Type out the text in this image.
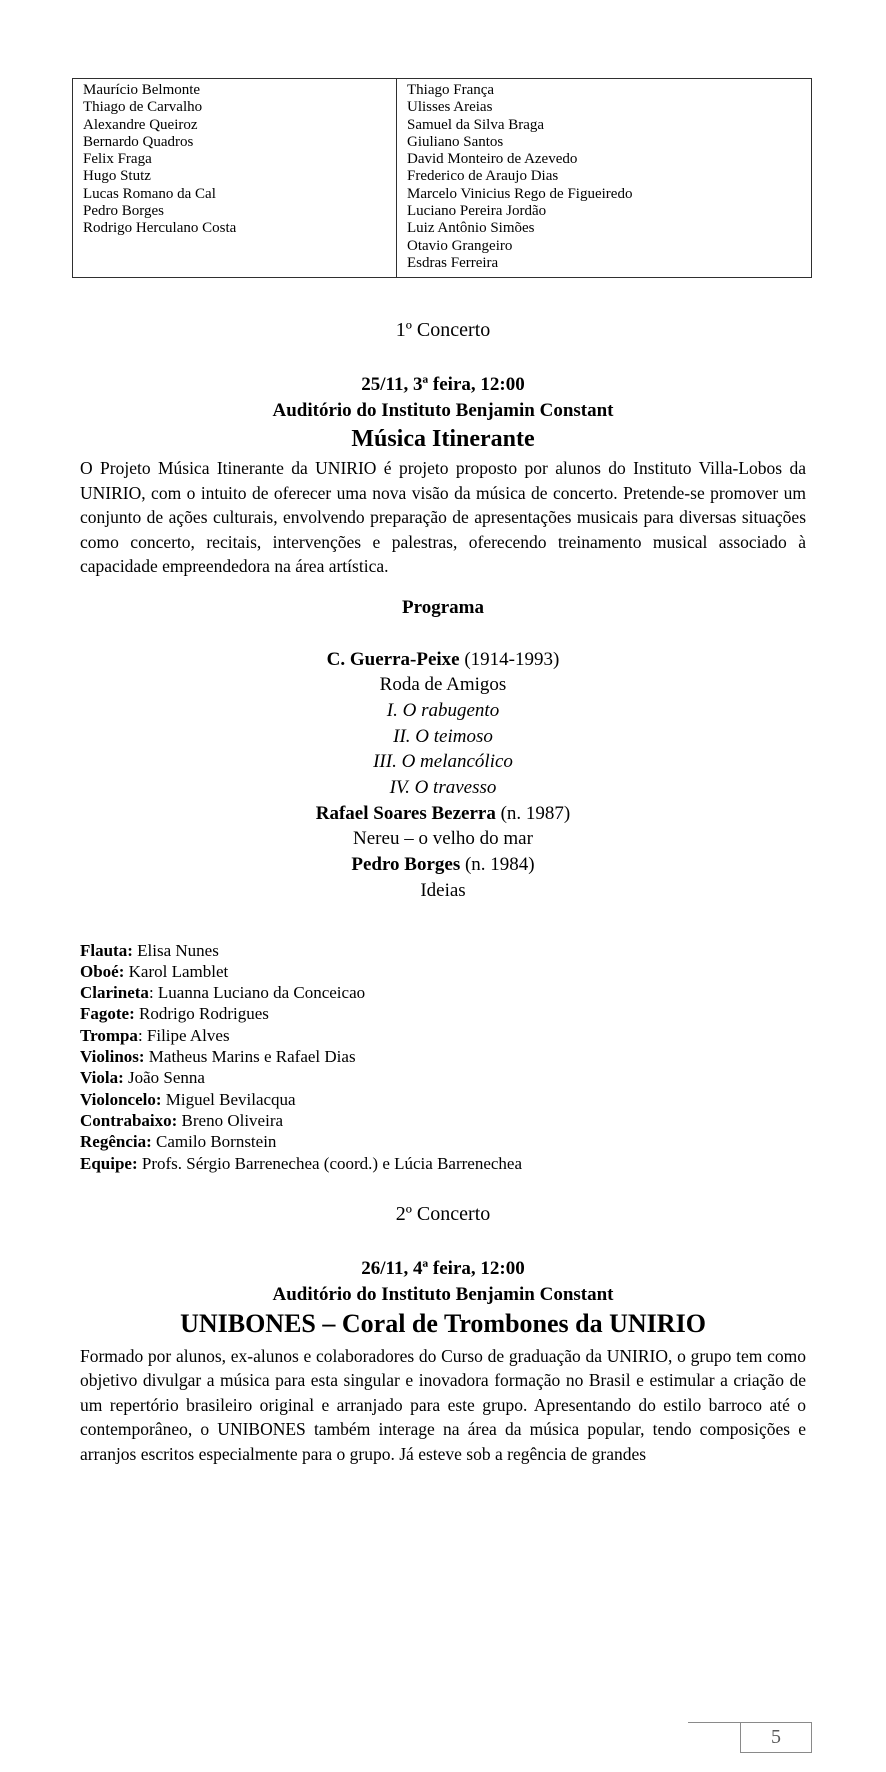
Maurício Belmonte
Thiago de Carvalho
Alexandre Queiroz
Bernardo Quadros
Felix Fraga
Hugo Stutz
Lucas Romano da Cal
Pedro Borges
Rodrigo Herculano Costa
Thiago França
Ulisses Areias
Samuel da Silva Braga
Giuliano Santos
David Monteiro de Azevedo
Frederico de Araujo Dias
Marcelo Vinicius Rego de Figueiredo
Luciano Pereira Jordão
Luiz Antônio Simões
Otavio Grangeiro
Esdras Ferreira
1º Concerto
25/11, 3ª feira, 12:00
Auditório do Instituto Benjamin Constant
Música Itinerante
O Projeto Música Itinerante da UNIRIO é projeto proposto por alunos do Instituto Villa-Lobos da UNIRIO, com o intuito de oferecer uma nova visão da música de concerto. Pretende-se promover um conjunto de ações culturais, envolvendo preparação de apresentações musicais para diversas situações como concerto, recitais, intervenções e palestras, oferecendo treinamento musical associado à capacidade empreendedora na área artística.
Programa
C. Guerra-Peixe (1914-1993)
Roda de Amigos
I. O rabugento
II. O teimoso
III. O melancólico
IV. O travesso
Rafael Soares Bezerra (n. 1987)
Nereu – o velho do mar
Pedro Borges (n. 1984)
Ideias
Flauta: Elisa Nunes
Oboé: Karol Lamblet
Clarineta: Luanna Luciano da Conceicao
Fagote: Rodrigo Rodrigues
Trompa: Filipe Alves
Violinos: Matheus Marins e Rafael Dias
Viola: João Senna
Violoncelo: Miguel Bevilacqua
Contrabaixo: Breno Oliveira
Regência: Camilo Bornstein
Equipe: Profs. Sérgio Barrenechea (coord.) e Lúcia Barrenechea
2º Concerto
26/11, 4ª feira, 12:00
Auditório do Instituto Benjamin Constant
UNIBONES – Coral de Trombones da UNIRIO
Formado por alunos, ex-alunos e colaboradores do Curso de graduação da UNIRIO, o grupo tem como objetivo divulgar a música para esta singular e inovadora formação no Brasil e estimular a criação de um repertório brasileiro original e arranjado para este grupo. Apresentando do estilo barroco até o contemporâneo, o UNIBONES também interage na área da música popular, tendo composições e arranjos escritos especialmente para o grupo. Já esteve sob a regência de grandes
5
